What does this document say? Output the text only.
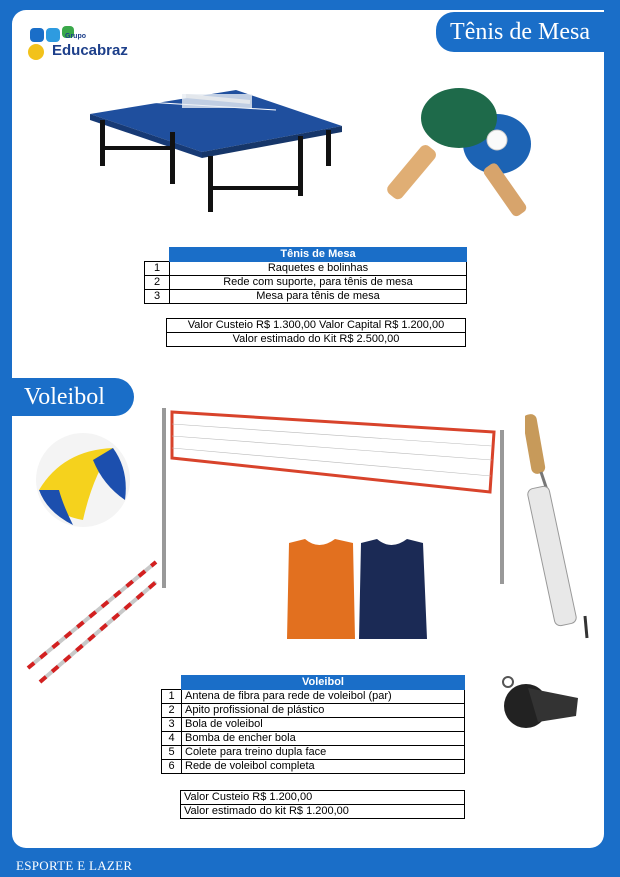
Grupo
Educabraz
Tênis de Mesa
	Tênis de Mesa
1	Raquetes e bolinhas
2	Rede com suporte, para tênis de mesa
3	Mesa para tênis de mesa
Valor Custeio R$ 1.300,00 Valor Capital R$ 1.200,00
Valor estimado do Kit R$ 2.500,00
Voleibol
	Voleibol
1	Antena de fibra para rede de voleibol (par)
2	Apito profissional de plástico
3	Bola de voleibol
4	Bomba de encher bola
5	Colete para treino dupla face
6	Rede de voleibol completa
Valor Custeio R$ 1.200,00
Valor estimado do kit R$ 1.200,00
ESPORTE E LAZER
